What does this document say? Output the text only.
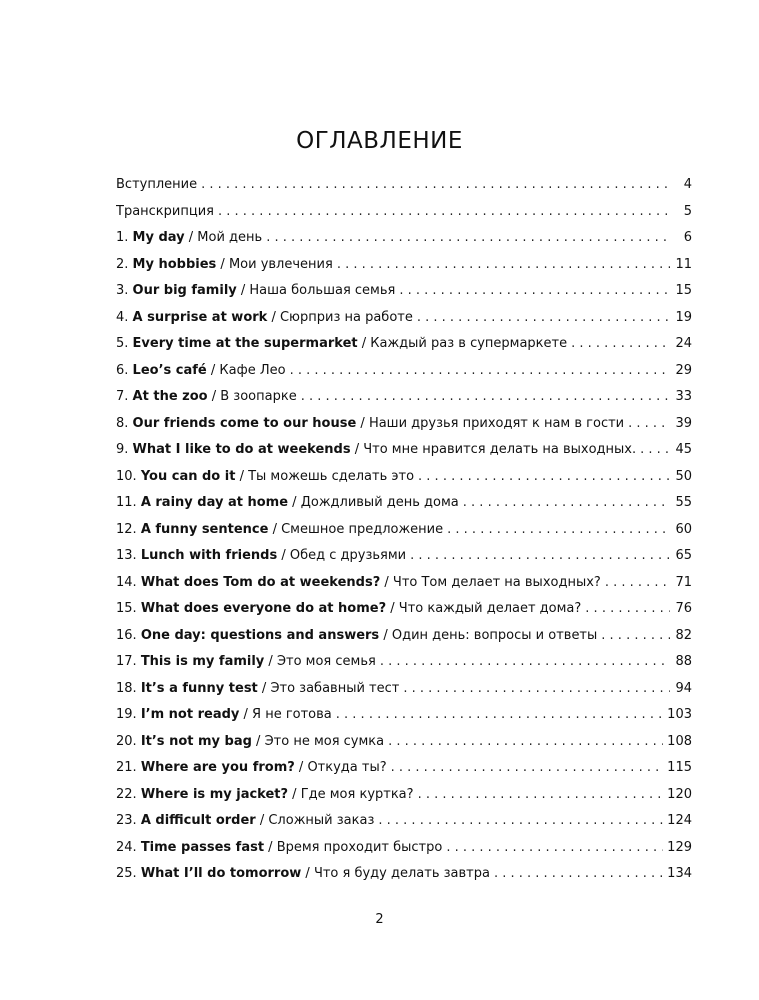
ОГЛАВЛЕНИЕ
Вступление . . .	4
Транскрипция . . .	5
1. My day / Мой день . . .	6
2. My hobbies / Мои увлечения . . .	11
3. Our big family / Наша большая семья . . .	15
4. A surprise at work / Сюрприз на работе . . .	19
5. Every time at the supermarket / Каждый раз в супермаркете . . .	24
6. Leo’s café / Кафе Лео . . .	29
7. At the zoo / В зоопарке . . .	33
8. Our friends come to our house / Наши друзья приходят к нам в гости . . .	39
9. What I like to do at weekends / Что мне нравится делать на выходных. . . .	45
10. You can do it / Ты можешь сделать это . . .	50
11. A rainy day at home / Дождливый день дома . . .	55
12. A funny sentence / Смешное предложение . . .	60
13. Lunch with friends / Обед с друзьями . . .	65
14. What does Tom do at weekends? / Что Том делает на выходных? . . .	71
15. What does everyone do at home? / Что каждый делает дома? . . .	76
16. One day: questions and answers / Один день: вопросы и ответы . . .	82
17. This is my family / Это моя семья . . .	88
18. It’s a funny test / Это забавный тест . . .	94
19. I’m not ready / Я не готова . . .	103
20. It’s not my bag / Это не моя сумка . . .	108
21. Where are you from? / Откуда ты? . . .	115
22. Where is my jacket? / Где моя куртка? . . .	120
23. A difficult order / Сложный заказ . . .	124
24. Time passes fast / Время проходит быстро . . .	129
25. What I’ll do tomorrow / Что я буду делать завтра . . .	134
2
